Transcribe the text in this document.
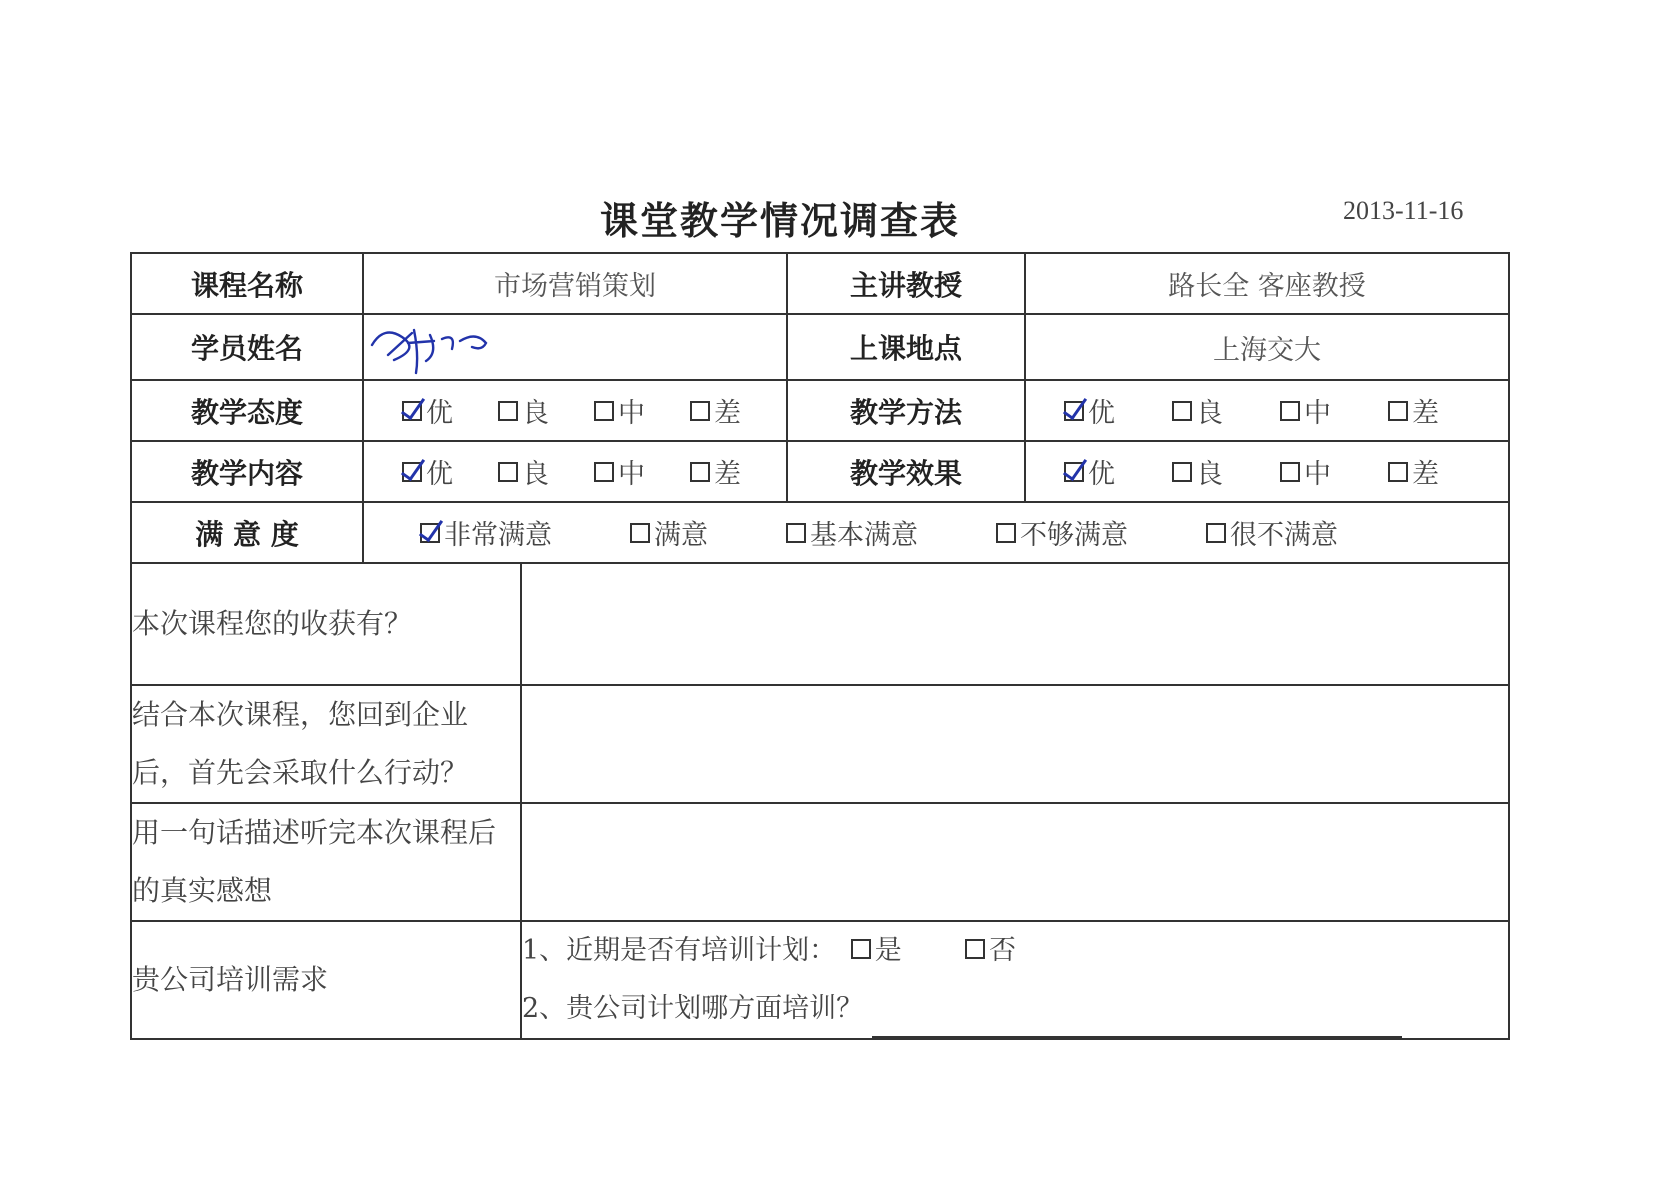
课堂教学情况调查表	2013-11-16
课程名称	市场营销策划		主讲教授	路长全 客座教授
学员姓名			上课地点	上海交大
教学态度	优 良 中 差		教学方法	优 良 中 差

教学内容	优 良 中 差		教学效果	优 良 中 差

满 意 度	非常满意 满意 基本满意 不够满意 很不满意			

本次课程您的收获有？				
结合本次课程，您回到企业后，首先会采取什么行动？				
用一句话描述听完本次课程后的真实感想				
贵公司培训需求		1、近期是否有培训计划： 是 否
2、贵公司计划哪方面培训？		
